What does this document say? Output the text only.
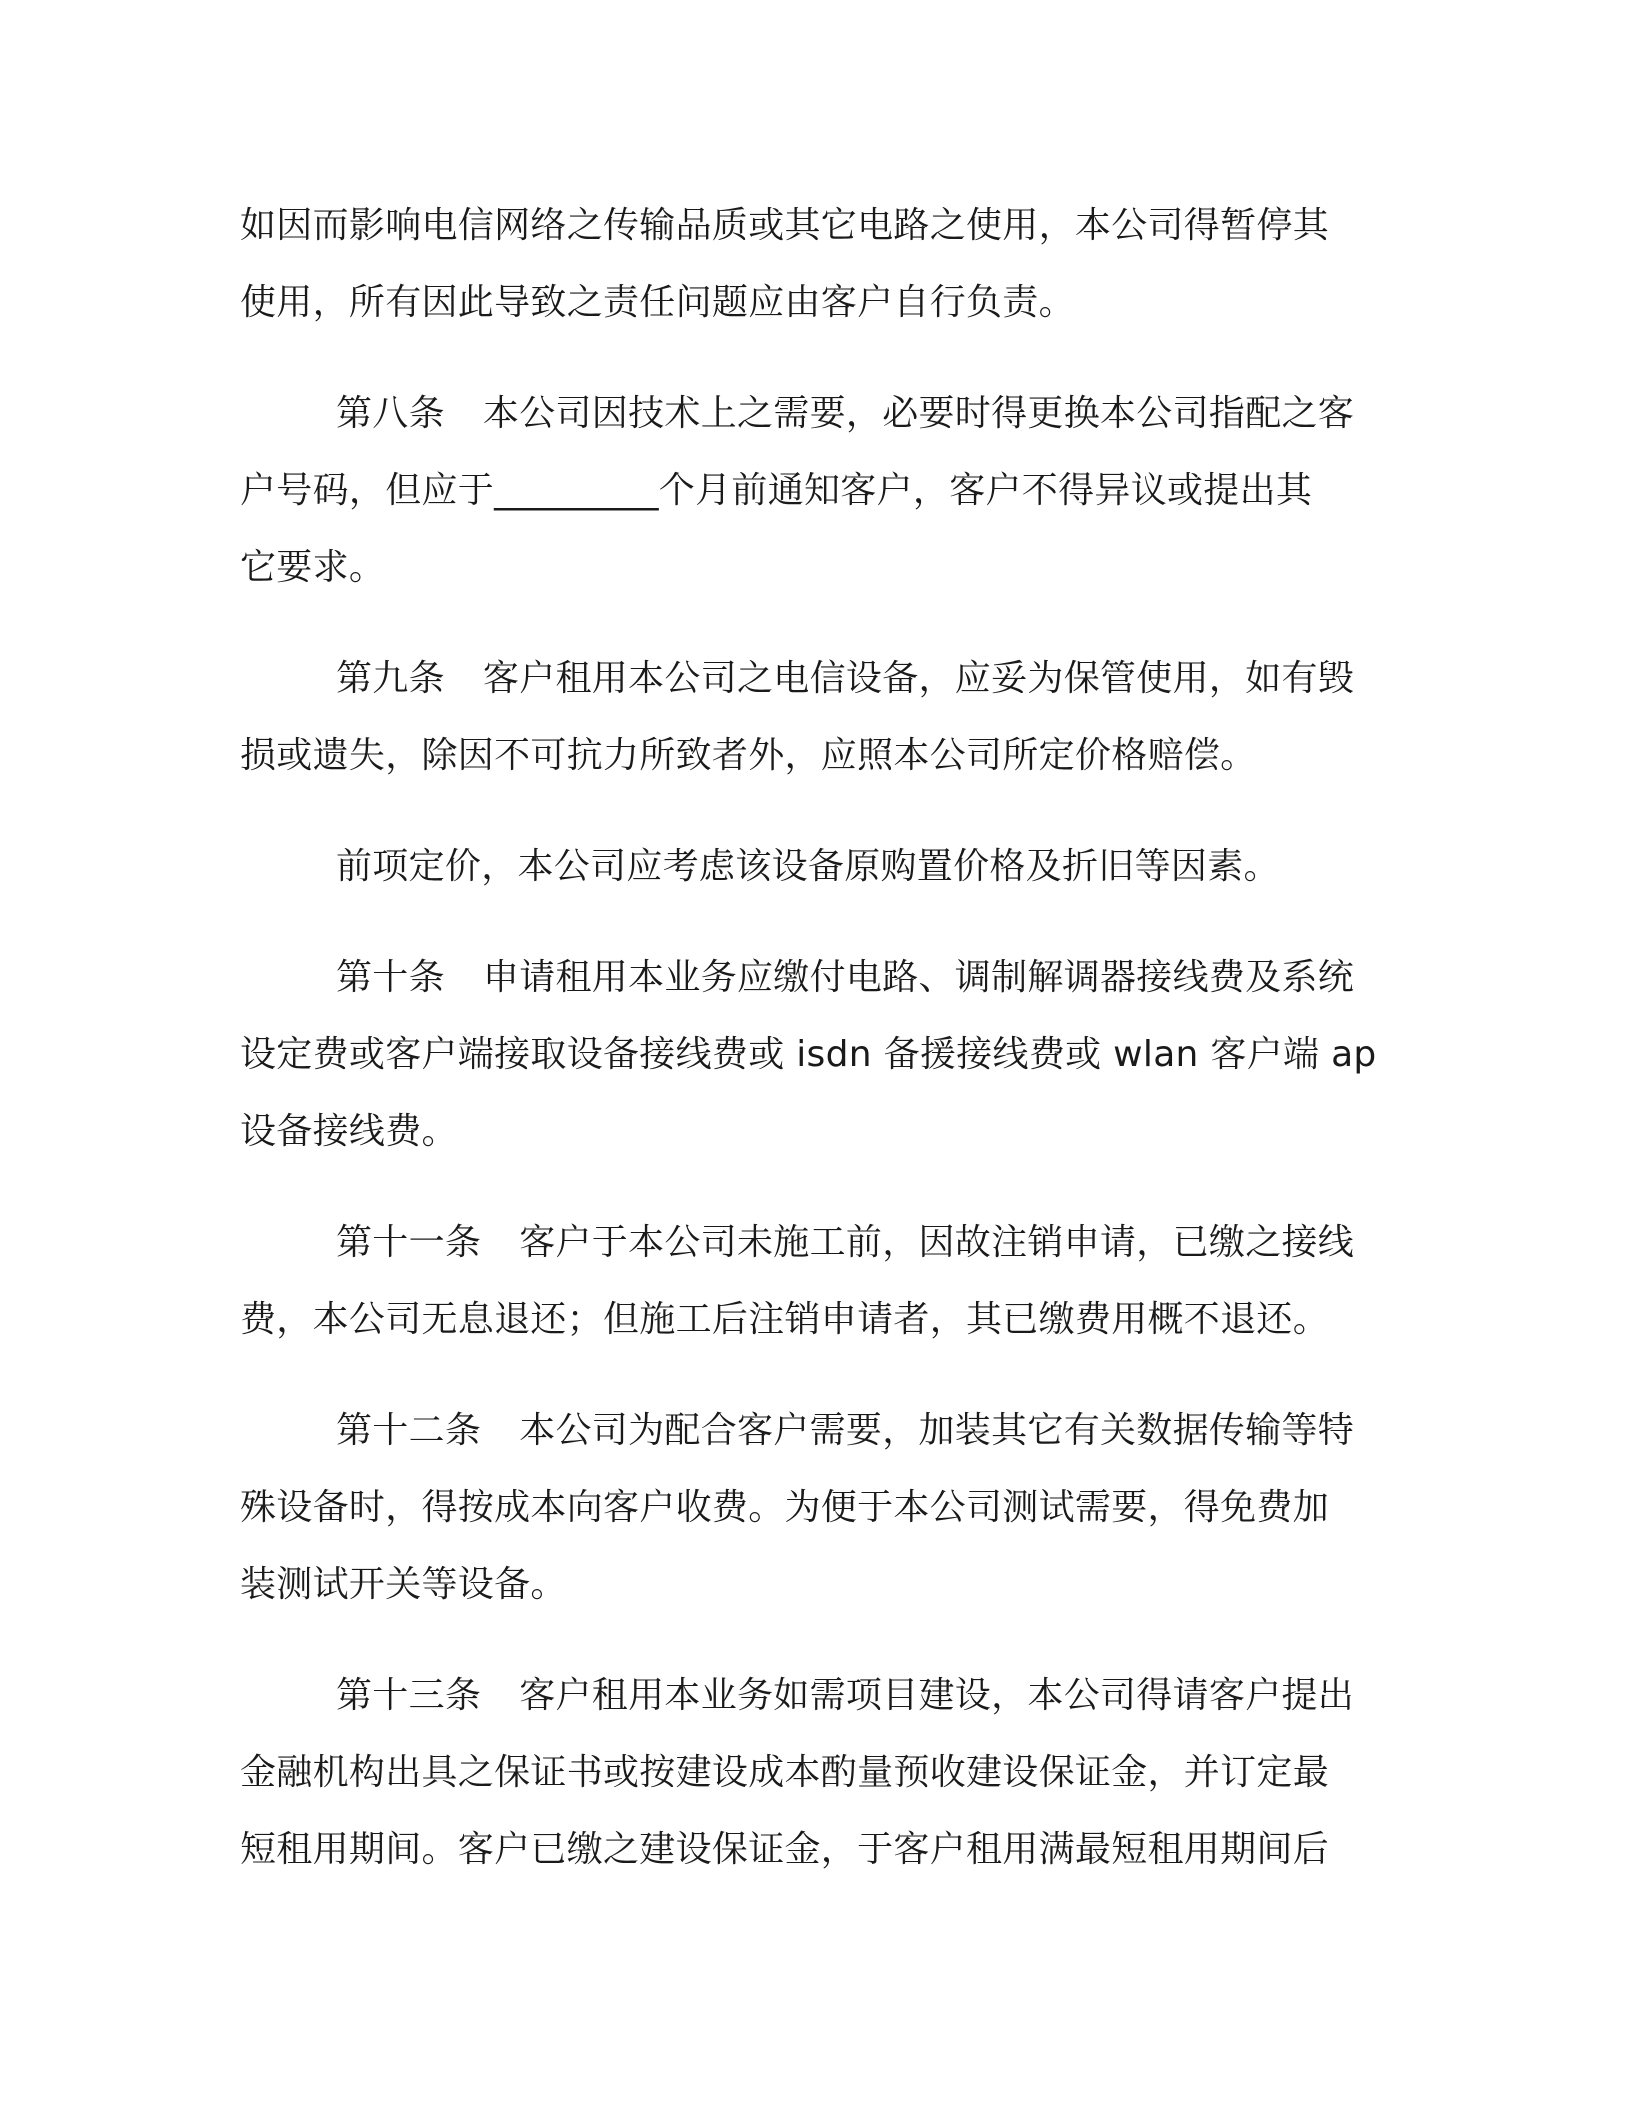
如因而影响电信网络之传输品质或其它电路之使用，本公司得暂停其
使用，所有因此导致之责任问题应由客户自行负责。
第八条 本公司因技术上之需要，必要时得更换本公司指配之客
户号码，但应于_________个月前通知客户，客户不得异议或提出其
它要求。
第九条 客户租用本公司之电信设备，应妥为保管使用，如有毁
损或遗失，除因不可抗力所致者外，应照本公司所定价格赔偿。
前项定价，本公司应考虑该设备原购置价格及折旧等因素。
第十条 申请租用本业务应缴付电路、调制解调器接线费及系统
设定费或客户端接取设备接线费或 isdn 备援接线费或 wlan 客户端 ap
设备接线费。
第十一条 客户于本公司未施工前，因故注销申请，已缴之接线
费，本公司无息退还；但施工后注销申请者，其已缴费用概不退还。
第十二条 本公司为配合客户需要，加装其它有关数据传输等特
殊设备时，得按成本向客户收费。为便于本公司测试需要，得免费加
装测试开关等设备。
第十三条 客户租用本业务如需项目建设，本公司得请客户提出
金融机构出具之保证书或按建设成本酌量预收建设保证金，并订定最
短租用期间。客户已缴之建设保证金，于客户租用满最短租用期间后
